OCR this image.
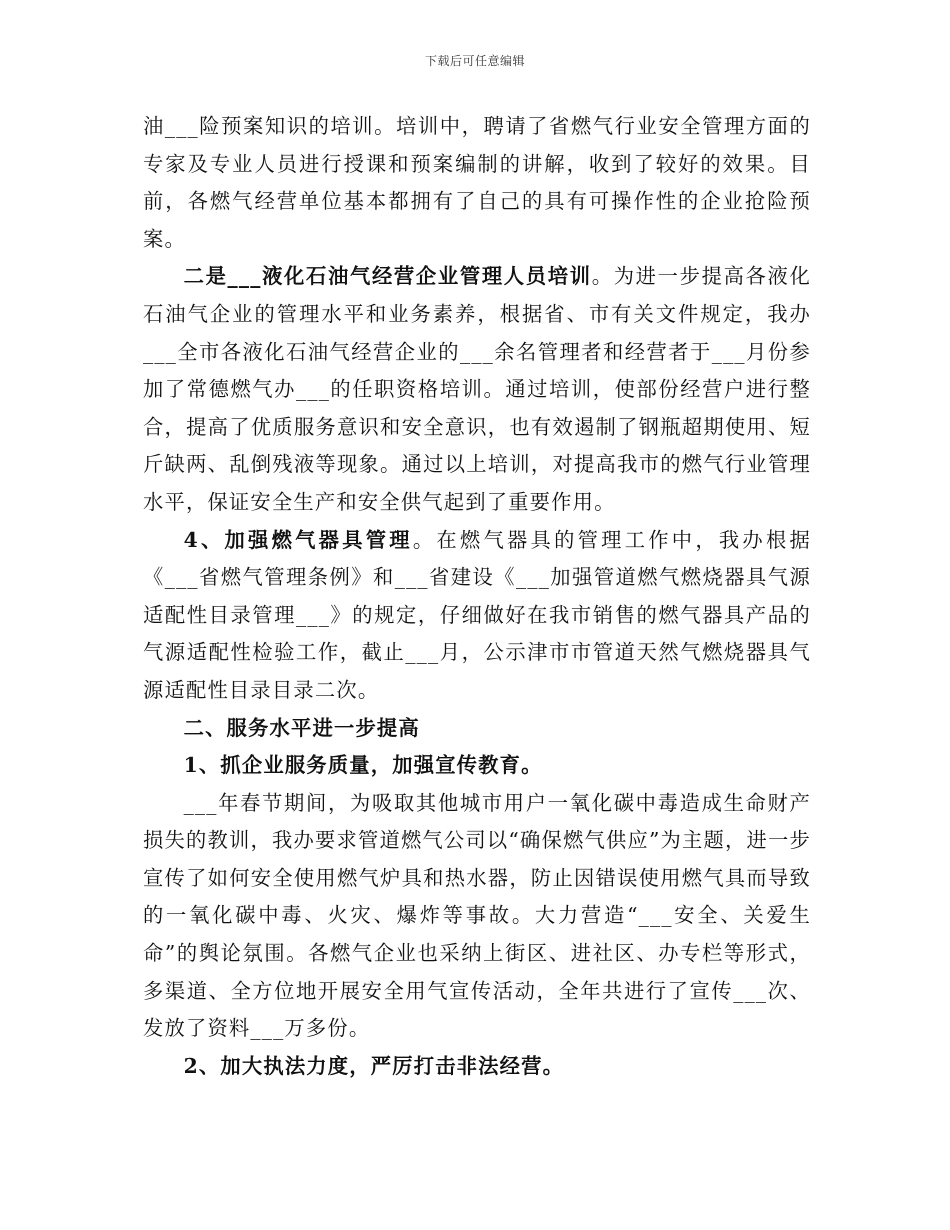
下载后可任意编辑

油___险预案知识的培训。培训中，聘请了省燃气行业安全管理方面的专家及专业人员进行授课和预案编制的讲解，收到了较好的效果。目前，各燃气经营单位基本都拥有了自己的具有可操作性的企业抢险预案。

二是___液化石油气经营企业管理人员培训。为进一步提高各液化石油气企业的管理水平和业务素养，根据省、市有关文件规定，我办___全市各液化石油气经营企业的___余名管理者和经营者于___月份参加了常德燃气办___的任职资格培训。通过培训，使部份经营户进行整合，提高了优质服务意识和安全意识，也有效遏制了钢瓶超期使用、短斤缺两、乱倒残液等现象。通过以上培训，对提高我市的燃气行业管理水平，保证安全生产和安全供气起到了重要作用。

4、加强燃气器具管理。在燃气器具的管理工作中，我办根据《___省燃气管理条例》和___省建设《___加强管道燃气燃烧器具气源适配性目录管理___》的规定，仔细做好在我市销售的燃气器具产品的气源适配性检验工作，截止___月，公示津市市管道天然气燃烧器具气源适配性目录目录二次。

二、服务水平进一步提高

1、抓企业服务质量，加强宣传教育。

___年春节期间，为吸取其他城市用户一氧化碳中毒造成生命财产损失的教训，我办要求管道燃气公司以“确保燃气供应”为主题，进一步宣传了如何安全使用燃气炉具和热水器，防止因错误使用燃气具而导致的一氧化碳中毒、火灾、爆炸等事故。大力营造“___安全、关爱生命”的舆论氛围。各燃气企业也采纳上街区、进社区、办专栏等形式，多渠道、全方位地开展安全用气宣传活动，全年共进行了宣传___次、发放了资料___万多份。

2、加大执法力度，严厉打击非法经营。
